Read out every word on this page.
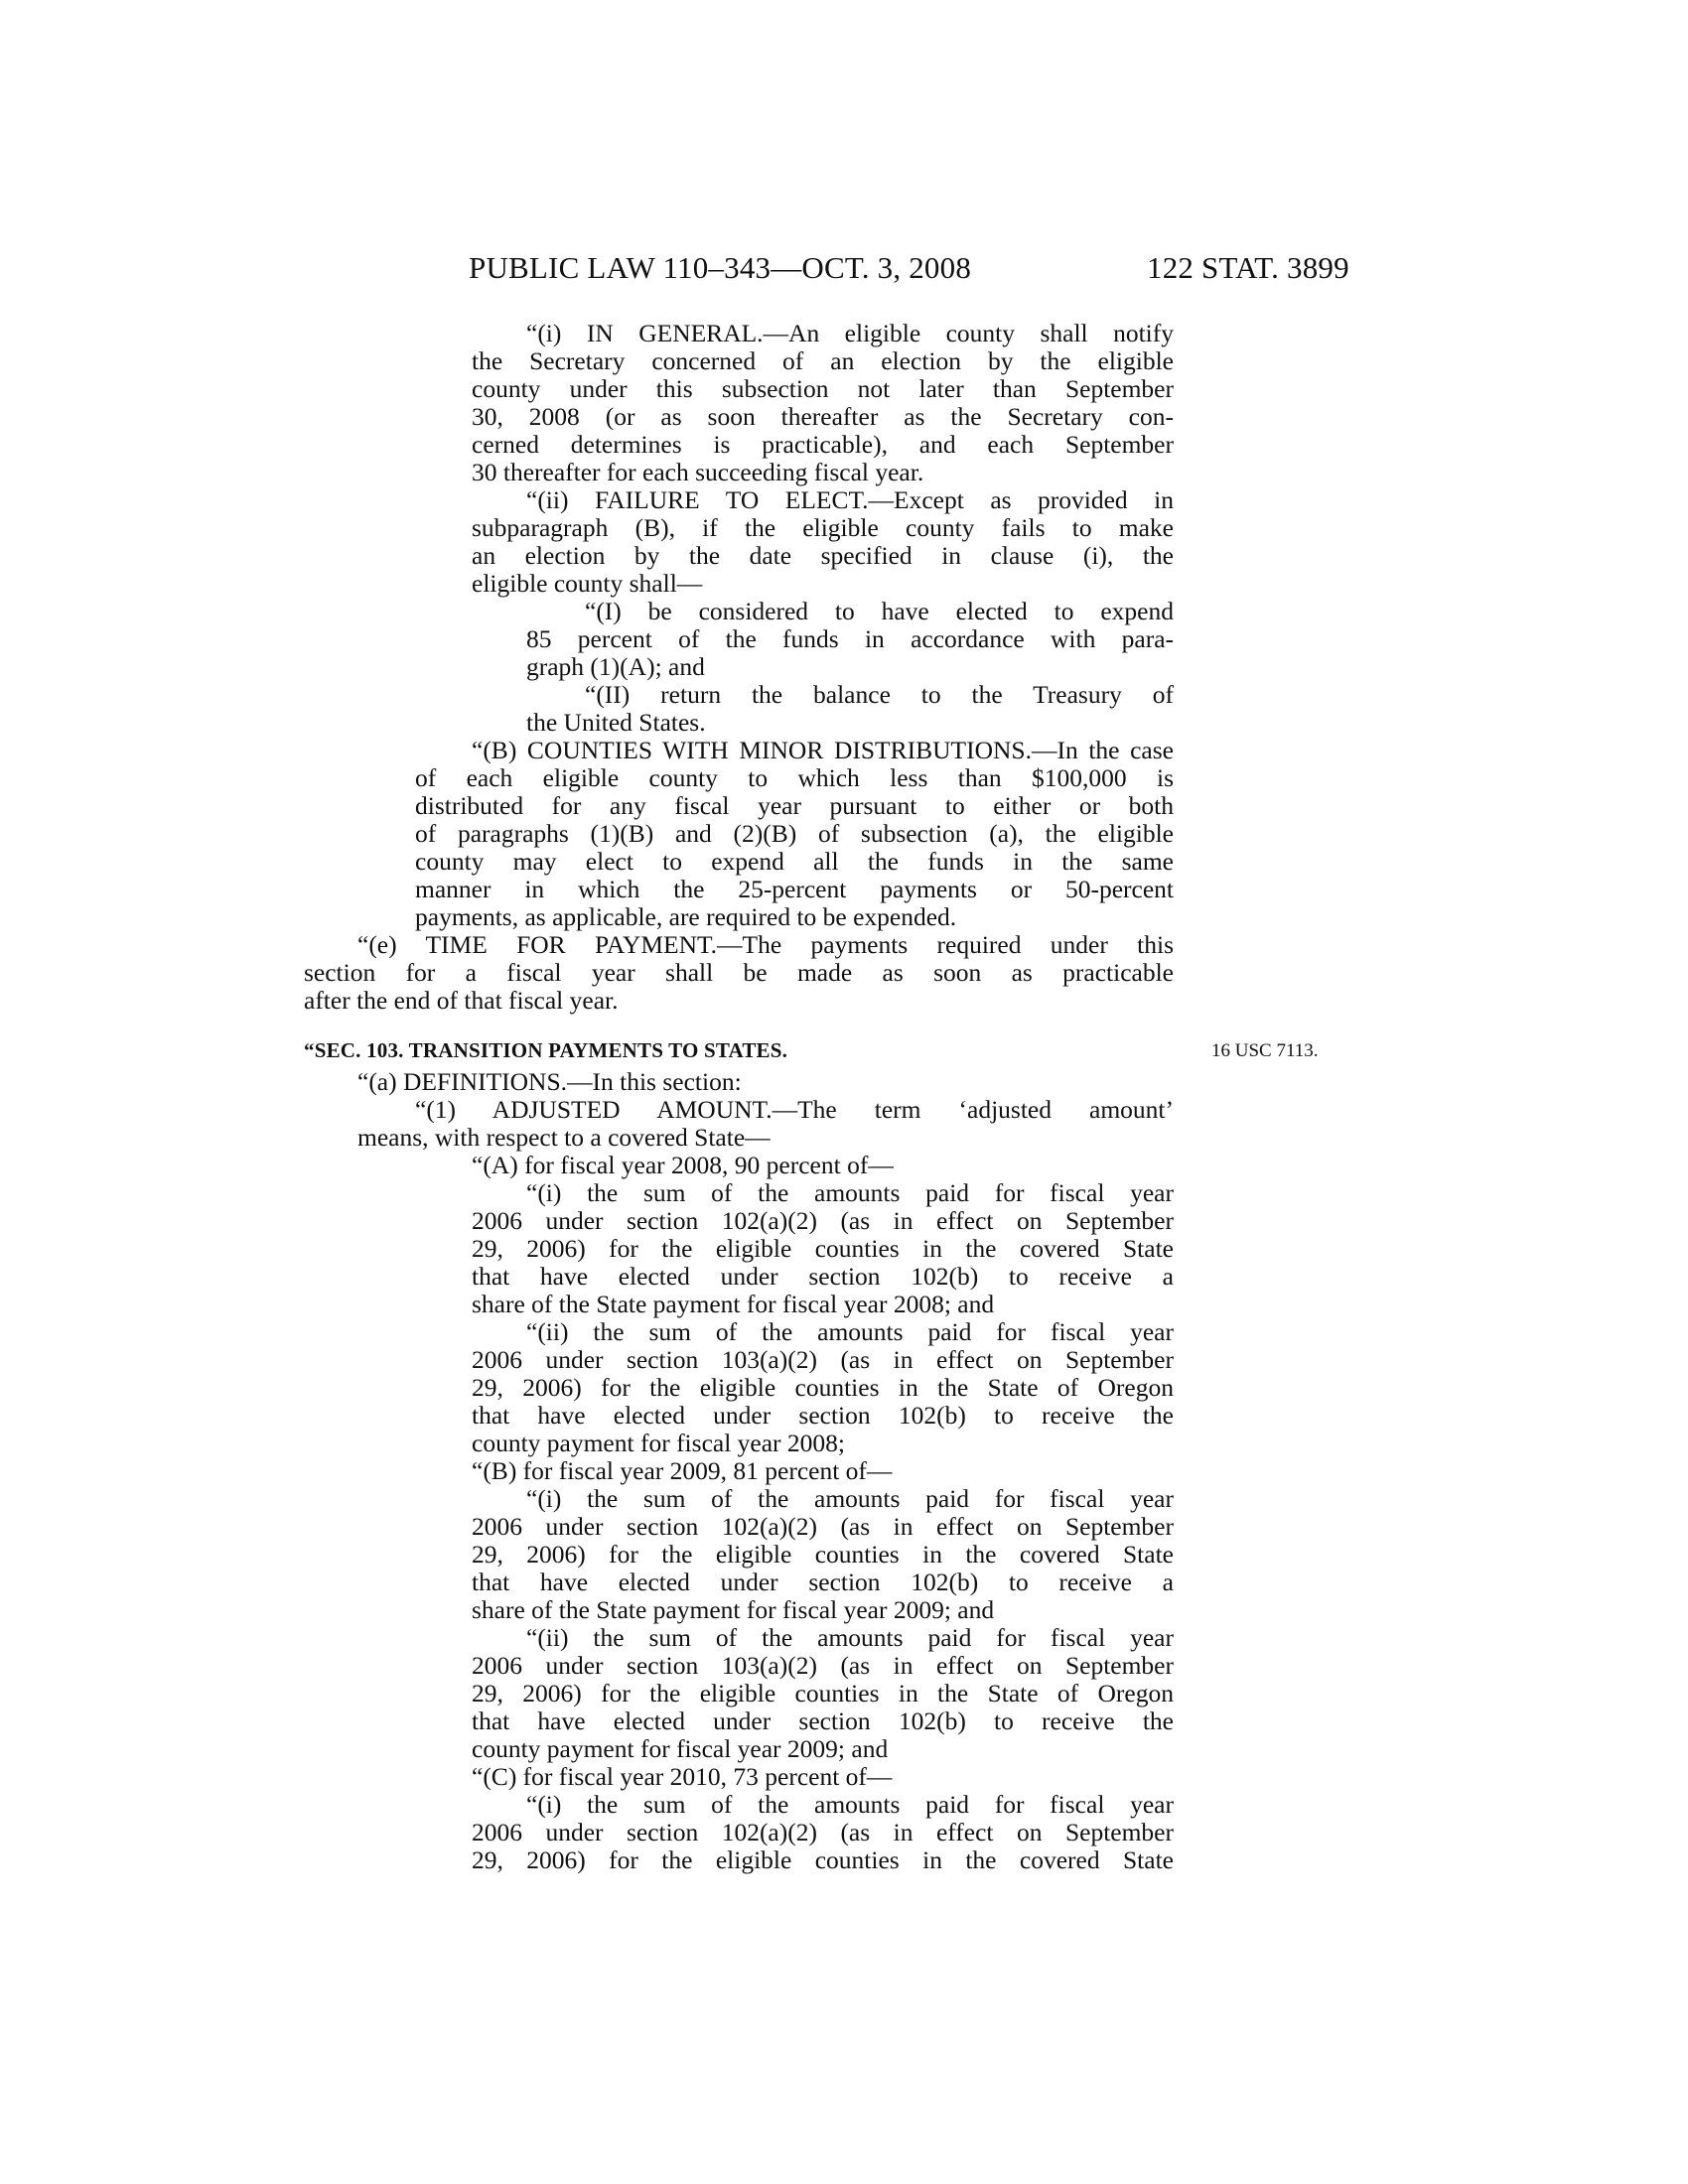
PUBLIC LAW 110–343—OCT. 3, 2008	122 STAT. 3899
“SEC. 103. TRANSITION PAYMENTS TO STATES.	16 USC 7113.
“(i) IN GENERAL.—An eligible county shall notify
the Secretary concerned of an election by the eligible
county under this subsection not later than September
30, 2008 (or as soon thereafter as the Secretary con-
cerned determines is practicable), and each September
30 thereafter for each succeeding fiscal year.
“(ii) FAILURE TO ELECT.—Except as provided in
subparagraph (B), if the eligible county fails to make
an election by the date specified in clause (i), the
eligible county shall—
“(I) be considered to have elected to expend
85 percent of the funds in accordance with para-
graph (1)(A); and
“(II) return the balance to the Treasury of
the United States.
“(B) COUNTIES WITH MINOR DISTRIBUTIONS.—In the case
of each eligible county to which less than $100,000 is
distributed for any fiscal year pursuant to either or both
of paragraphs (1)(B) and (2)(B) of subsection (a), the eligible
county may elect to expend all the funds in the same
manner in which the 25-percent payments or 50-percent
payments, as applicable, are required to be expended.
“(e) TIME FOR PAYMENT.—The payments required under this
section for a fiscal year shall be made as soon as practicable
after the end of that fiscal year.
“(a) DEFINITIONS.—In this section:
“(1) ADJUSTED AMOUNT.—The term ‘adjusted amount’
means, with respect to a covered State—
“(A) for fiscal year 2008, 90 percent of—
“(i) the sum of the amounts paid for fiscal year
2006 under section 102(a)(2) (as in effect on September
29, 2006) for the eligible counties in the covered State
that have elected under section 102(b) to receive a
share of the State payment for fiscal year 2008; and
“(ii) the sum of the amounts paid for fiscal year
2006 under section 103(a)(2) (as in effect on September
29, 2006) for the eligible counties in the State of Oregon
that have elected under section 102(b) to receive the
county payment for fiscal year 2008;
“(B) for fiscal year 2009, 81 percent of—
“(i) the sum of the amounts paid for fiscal year
2006 under section 102(a)(2) (as in effect on September
29, 2006) for the eligible counties in the covered State
that have elected under section 102(b) to receive a
share of the State payment for fiscal year 2009; and
“(ii) the sum of the amounts paid for fiscal year
2006 under section 103(a)(2) (as in effect on September
29, 2006) for the eligible counties in the State of Oregon
that have elected under section 102(b) to receive the
county payment for fiscal year 2009; and
“(C) for fiscal year 2010, 73 percent of—
“(i) the sum of the amounts paid for fiscal year
2006 under section 102(a)(2) (as in effect on September
29, 2006) for the eligible counties in the covered State
